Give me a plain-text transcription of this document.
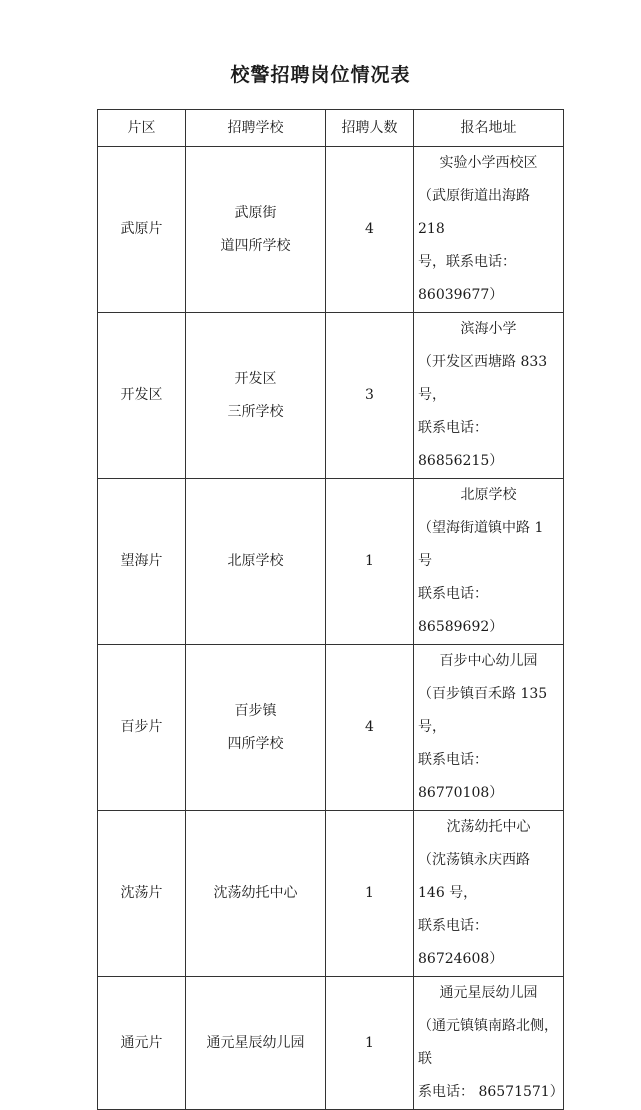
校警招聘岗位情况表
片区	招聘学校	招聘人数	报名地址
武原片	武原街
道四所学校	4	实验小学西校区
（武原街道出海路 218
号，联系电话：86039677）

开发区	开发区
三所学校	3	滨海小学
（开发区西塘路 833 号，
联系电话： 86856215）

望海片	北原学校	1	北原学校
（望海街道镇中路 1 号
联系电话： 86589692）

百步片	百步镇
四所学校	4	百步中心幼儿园
（百步镇百禾路 135 号，
联系电话： 86770108）

沈荡片	沈荡幼托中心	1	沈荡幼托中心
（沈荡镇永庆西路 146 号，
联系电话： 86724608）

通元片	通元星辰幼儿园	1	通元星辰幼儿园
（通元镇镇南路北侧，联
系电话： 86571571）
